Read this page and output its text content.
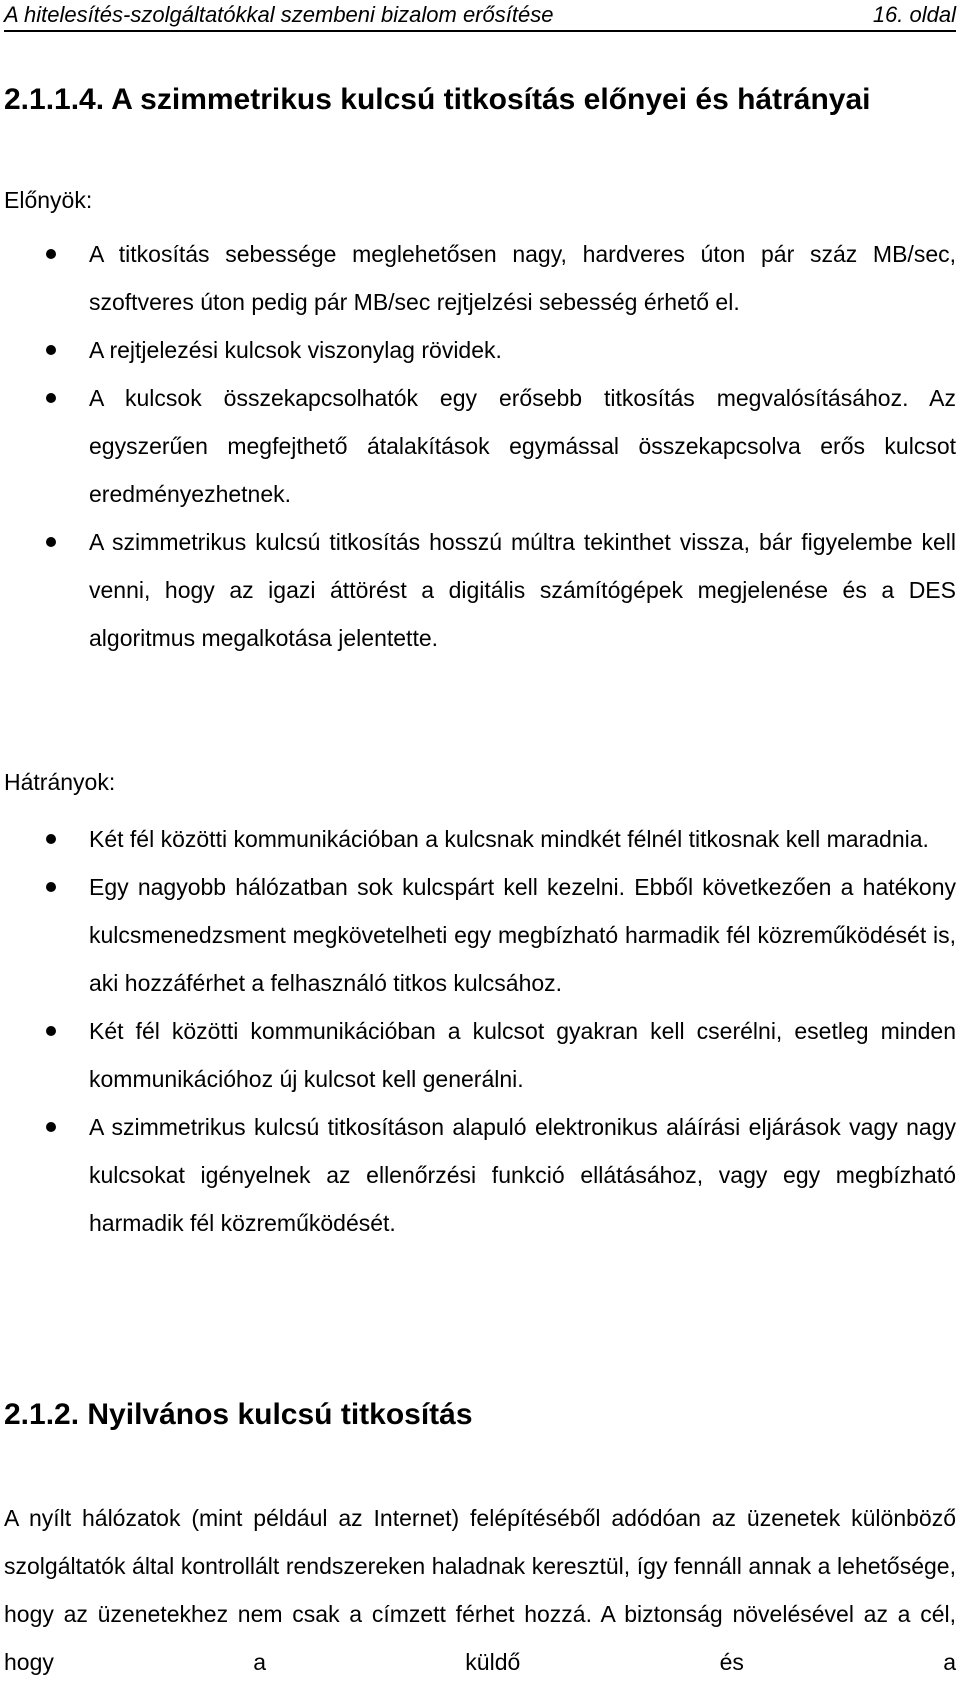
A hitelesítés-szolgáltatókkal szembeni bizalom erősítése	16. oldal
2.1.1.4. A szimmetrikus kulcsú titkosítás előnyei és hátrányai
Előnyök:
A titkosítás sebessége meglehetősen nagy, hardveres úton pár száz MB/sec, szoftveres úton pedig pár MB/sec rejtjelzési sebesség érhető el.
A rejtjelezési kulcsok viszonylag rövidek.
A kulcsok összekapcsolhatók egy erősebb titkosítás megvalósításához. Az egyszerűen megfejthető átalakítások egymással összekapcsolva erős kulcsot eredményezhetnek.
A szimmetrikus kulcsú titkosítás hosszú múltra tekinthet vissza, bár figyelembe kell venni, hogy az igazi áttörést a digitális számítógépek megjelenése és a DES algoritmus megalkotása jelentette.
Hátrányok:
Két fél közötti kommunikációban a kulcsnak mindkét félnél titkosnak kell maradnia.
Egy nagyobb hálózatban sok kulcspárt kell kezelni. Ebből következően a hatékony kulcsmenedzsment megkövetelheti egy megbízható harmadik fél közreműködését is, aki hozzáférhet a felhasználó titkos kulcsához.
Két fél közötti kommunikációban a kulcsot gyakran kell cserélni, esetleg minden kommunikációhoz új kulcsot kell generálni.
A szimmetrikus kulcsú titkosításon alapuló elektronikus aláírási eljárások vagy nagy kulcsokat igényelnek az ellenőrzési funkció ellátásához, vagy egy megbízható harmadik fél közreműködését.
2.1.2. Nyilvános kulcsú titkosítás
A nyílt hálózatok (mint például az Internet) felépítéséből adódóan az üzenetek különböző szolgáltatók által kontrollált rendszereken haladnak keresztül, így fennáll annak a lehetősége, hogy az üzenetekhez nem csak a címzett férhet hozzá. A biztonság növelésével az a cél, hogy a küldő és a
